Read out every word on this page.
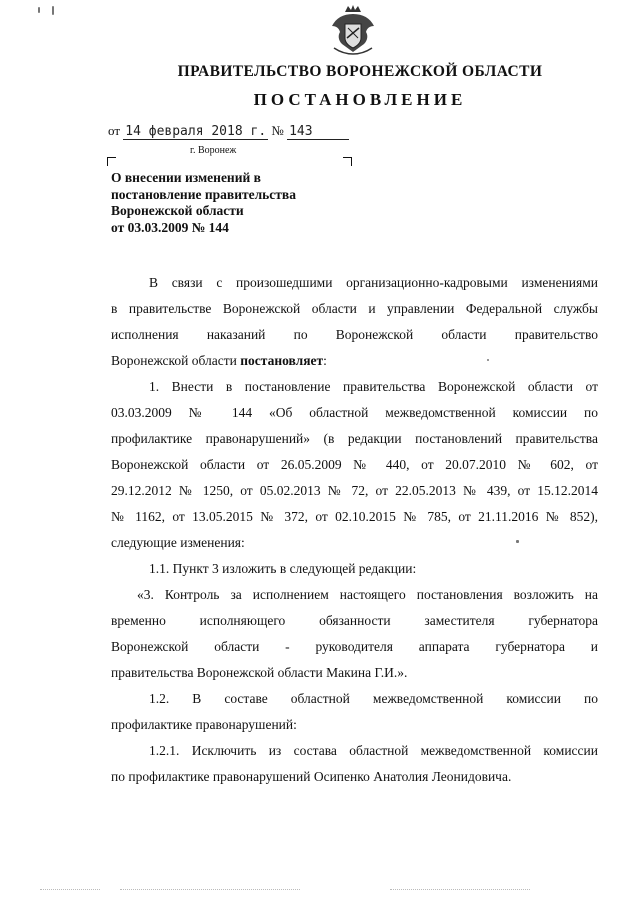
ПРАВИТЕЛЬСТВО ВОРОНЕЖСКОЙ ОБЛАСТИ
ПОСТАНОВЛЕНИЕ
от 14 февраля 2018 г. № 143
г. Воронеж
О внесении изменений в
постановление правительства
Воронежской области
от 03.03.2009 № 144
В связи с произошедшими организационно-кадровыми изменениями
в правительстве Воронежской области и управлении Федеральной службы
исполнения наказаний по Воронежской области правительство
Воронежской области постановляет:
1. Внести в постановление правительства Воронежской области от
03.03.2009 № 144 «Об областной межведомственной комиссии по
профилактике правонарушений» (в редакции постановлений правительства
Воронежской области от 26.05.2009 № 440, от 20.07.2010 № 602, от
29.12.2012 № 1250, от 05.02.2013 № 72, от 22.05.2013 № 439, от 15.12.2014
№ 1162, от 13.05.2015 № 372, от 02.10.2015 № 785, от 21.11.2016 № 852),
следующие изменения:
1.1. Пункт 3 изложить в следующей редакции:
«3. Контроль за исполнением настоящего постановления возложить на
временно исполняющего обязанности заместителя губернатора
Воронежской области - руководителя аппарата губернатора и
правительства Воронежской области Макина Г.И.».
1.2. В составе областной межведомственной комиссии по
профилактике правонарушений:
1.2.1. Исключить из состава областной межведомственной комиссии
по профилактике правонарушений Осипенко Анатолия Леонидовича.
